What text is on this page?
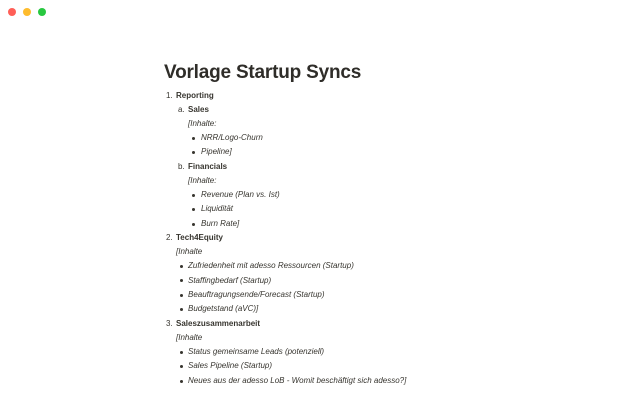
Vorlage Startup Syncs
1. Reporting
a. Sales
[Inhalte:
NRR/Logo-Churn
Pipeline]
b. Financials
[Inhalte:
Revenue (Plan vs. Ist)
Liquidität
Burn Rate]
2. Tech4Equity
[Inhalte
Zufriedenheit mit adesso Ressourcen (Startup)
Staffingbedarf (Startup)
Beauftragungsende/Forecast (Startup)
Budgetstand (aVC)]
3. Saleszusammenarbeit
[Inhalte
Status gemeinsame Leads (potenziell)
Sales Pipeline (Startup)
Neues aus der adesso LoB - Womit beschäftigt sich adesso?]
